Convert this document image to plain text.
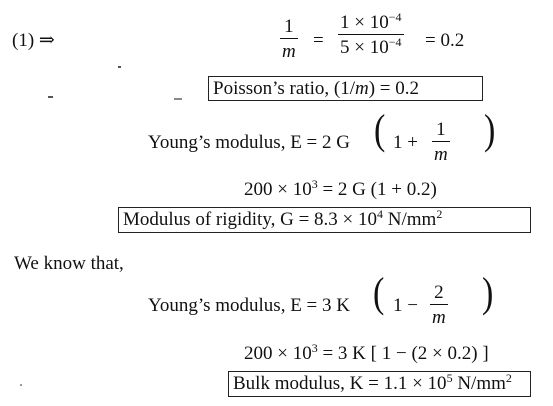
(1) ⇒
1
m
=
$1 \times 10^{-4}$
$5 \times 10^{-4} = 0.2$
Poisson’s ratio, (1/m) = 0.2
Young’s modulus, E = 2 G ( 1 +
1
m
)
$200 \times 10^3 = 2$ G (1 + 0.2)
Modulus of rigidity, $G = 8.3 \times 10^4$ $N/mm^2$
We know that,
Young’s modulus, E = 3 K ( 1 −
2
m
)
$200 \times 10^3 = 3$ K [ 1 − (2 × 0.2) ]
Bulk modulus, $K = 1.1 \times 10^5$ $N/mm^2$
